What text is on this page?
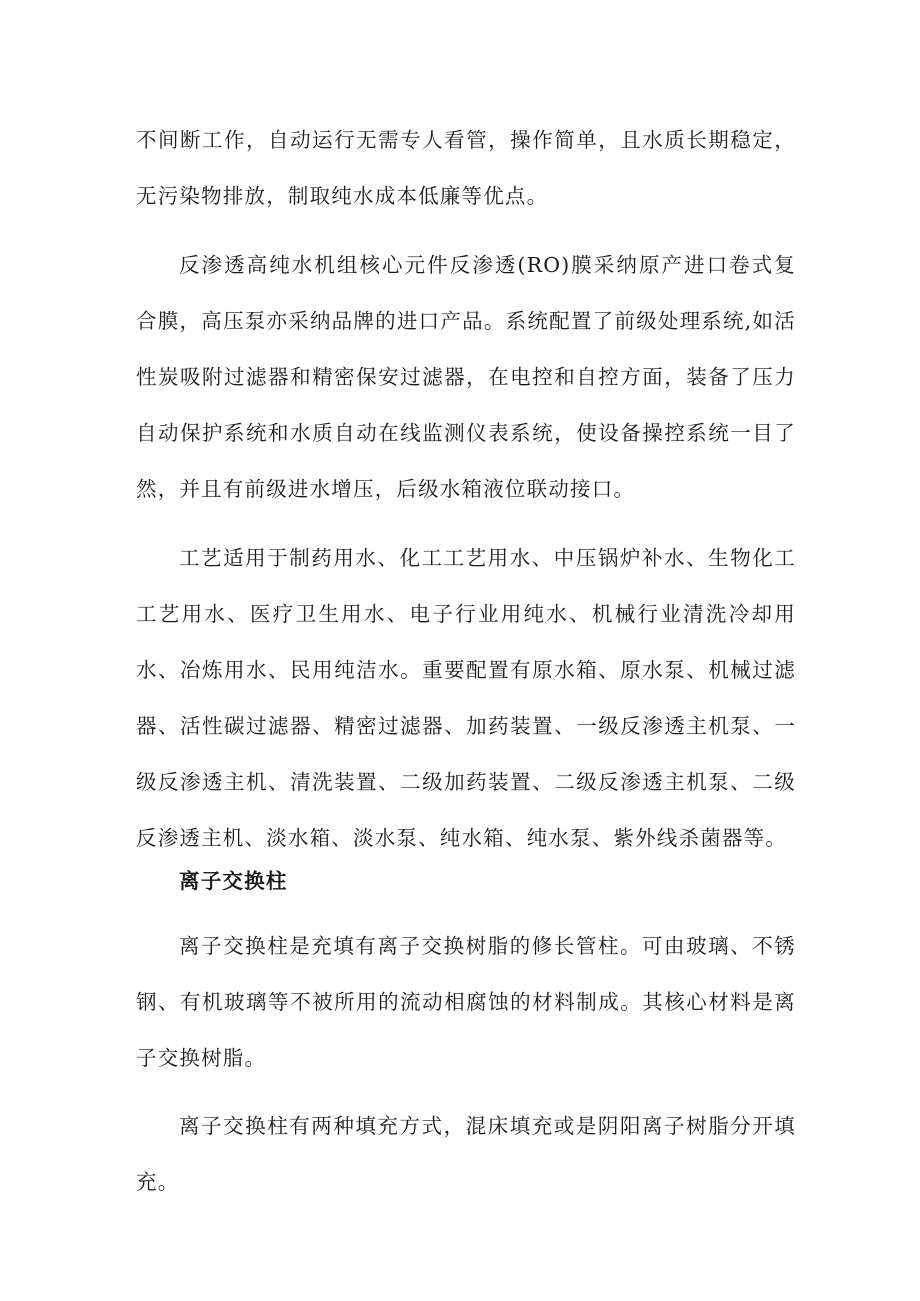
不间断工作，自动运行无需专人看管，操作简单，且水质长期稳定，无污染物排放，制取纯水成本低廉等优点。

反渗透高纯水机组核心元件反渗透(RO)膜采纳原产进口卷式复合膜，高压泵亦采纳品牌的进口产品。系统配置了前级处理系统,如活性炭吸附过滤器和精密保安过滤器，在电控和自控方面，装备了压力自动保护系统和水质自动在线监测仪表系统，使设备操控系统一目了然，并且有前级进水增压，后级水箱液位联动接口。

工艺适用于制药用水、化工工艺用水、中压锅炉补水、生物化工工艺用水、医疗卫生用水、电子行业用纯水、机械行业清洗冷却用水、冶炼用水、民用纯洁水。重要配置有原水箱、原水泵、机械过滤器、活性碳过滤器、精密过滤器、加药装置、一级反渗透主机泵、一级反渗透主机、清洗装置、二级加药装置、二级反渗透主机泵、二级反渗透主机、淡水箱、淡水泵、纯水箱、纯水泵、紫外线杀菌器等。

离子交换柱

离子交换柱是充填有离子交换树脂的修长管柱。可由玻璃、不锈钢、有机玻璃等不被所用的流动相腐蚀的材料制成。其核心材料是离子交换树脂。

离子交换柱有两种填充方式，混床填充或是阴阳离子树脂分开填充。
